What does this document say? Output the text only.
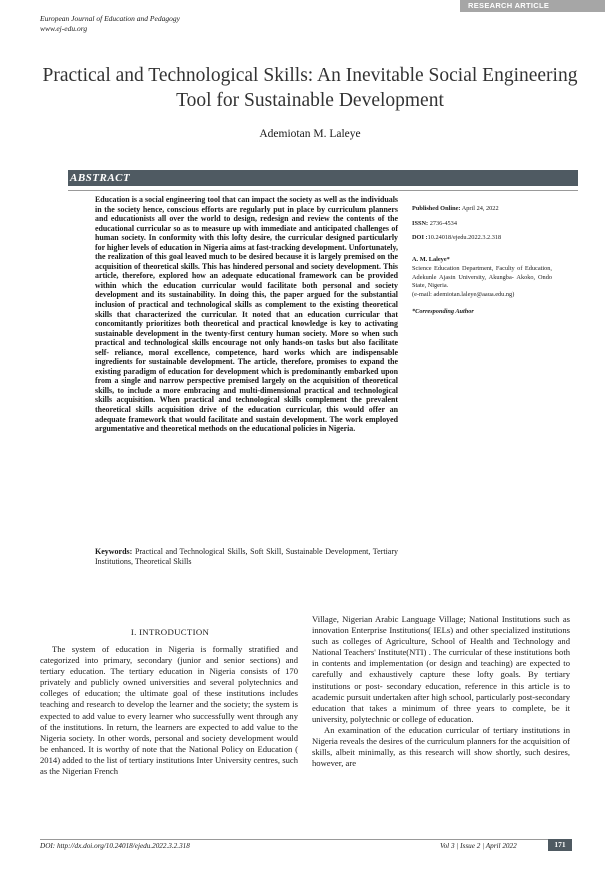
RESEARCH ARTICLE
European Journal of Education and Pedagogy
www.ej-edu.org
Practical and Technological Skills: An Inevitable Social Engineering Tool for Sustainable Development
Ademiotan M. Laleye
ABSTRACT

Education is a social engineering tool that can impact the society as well as the individuals in the society hence, conscious efforts are regularly put in place by curriculum planners and educationists all over the world to design, redesign and review the contents of the educational curricular so as to measure up with immediate and anticipated challenges of human society. In conformity with this lofty desire, the curricular designed particularly for higher levels of education in Nigeria aims at fast-tracking development. Unfortunately, the realization of this goal leaved much to be desired because it is largely premised on the acquisition of theoretical skills. This has hindered personal and society development. This article, therefore, explored how an adequate educational framework can be provided within which the education curricular would facilitate both personal and society development and its sustainability. In doing this, the paper argued for the substantial inclusion of practical and technological skills as complement to the existing theoretical skills that characterized the curricular. It noted that an education curricular that concomitantly prioritizes both theoretical and practical knowledge is key to activating sustainable development in the twenty-first century human society. More so when such practical and technological skills encourage not only hands-on tasks but also facilitate self- reliance, moral excellence, competence, hard works which are indispensable ingredients for sustainable development. The article, therefore, promises to expand the existing paradigm of education for development which is predominantly embarked upon from a single and narrow perspective premised largely on the acquisition of theoretical skills, to include a more embracing and multi-dimensional practical and technological skills acquisition. When practical and technological skills complement the prevalent theoretical skills acquisition drive of the education curricular, this would offer an adequate framework that would facilitate and sustain development. The work employed argumentative and theoretical methods on the educational policies in Nigeria.

Keywords: Practical and Technological Skills, Soft Skill, Sustainable Development, Tertiary Institutions, Theoretical Skills

Published Online: April 24, 2022

ISSN: 2736-4534

DOI :10.24018/ejedu.2022.3.2.318

A. M. Laleye*

Science Education Department, Faculty of Education, Adekunle Ajasin University, Akungba- Akoko, Ondo State, Nigeria.

(e-mail: ademiotan.laleye@aaua.edu.ng)

*Corresponding Author

I. INTRODUCTION

The system of education in Nigeria is formally stratified and categorized into primary, secondary (junior and senior sections) and tertiary education. The tertiary education in Nigeria consists of 170 privately and publicly owned universities and several polytechnics and colleges of education; the ultimate goal of these institutions includes teaching and research to develop the learner and the society; the system is expected to add value to every learner who successfully went through any of the institutions. In return, the learners are expected to add value to the Nigeria society. In other words, personal and society development would be enhanced. It is worthy of note that the National Policy on Education ( 2014) added to the list of tertiary institutions Inter University centres, such as the Nigerian French

Village, Nigerian Arabic Language Village; National Institutions such as innovation Enterprise Institutions( IELs) and other specialized institutions such as colleges of Agriculture, School of Health and Technology and National Teachers' Institute(NTI) . The curricular of these institutions both in contents and implementation (or design and teaching) are expected to carefully and exhaustively capture these lofty goals. By tertiary institutions or post- secondary education, reference in this article is to academic pursuit undertaken after high school, particularly post-secondary education that takes a minimum of three years to complete, be it university, polytechnic or college of education.

An examination of the education curricular of tertiary institutions in Nigeria reveals the desires of the curriculum planners for the acquisition of skills, albeit minimally, as this research will show shortly, such desires, however, are

DOI: http://dx.doi.org/10.24018/ejedu.2022.3.2.318	Vol 3 | Issue 2 | April 2022	171
